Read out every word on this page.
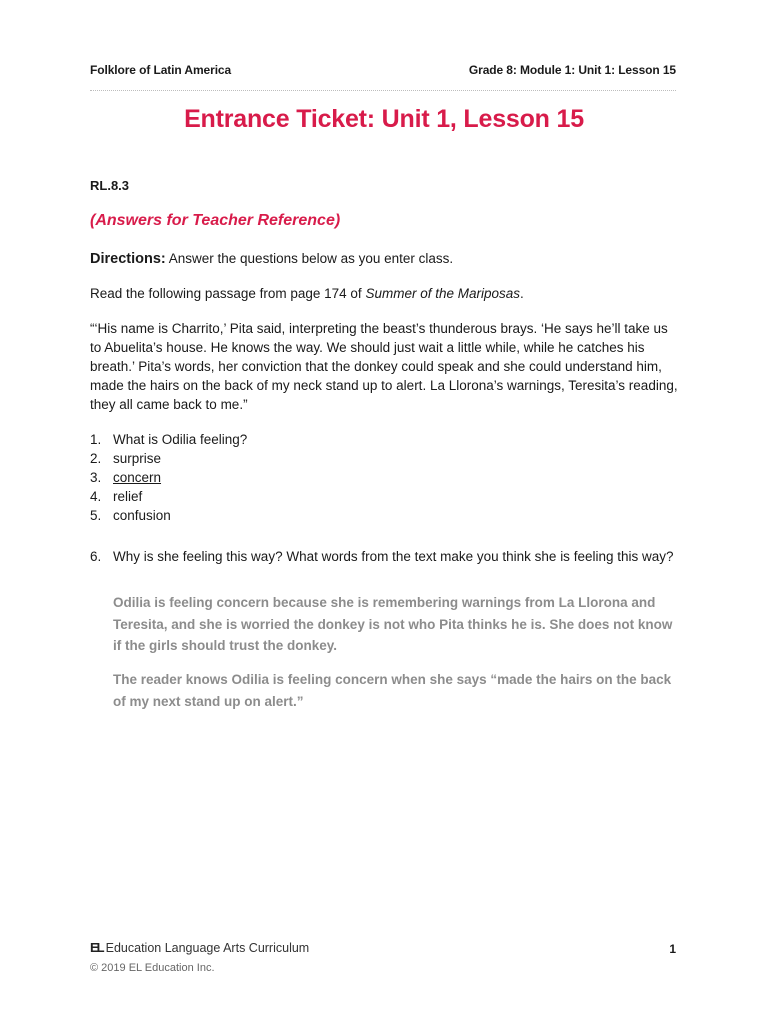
Folklore of Latin America	Grade 8: Module 1: Unit 1: Lesson 15
Entrance Ticket: Unit 1, Lesson 15
RL.8.3
(Answers for Teacher Reference)
Directions: Answer the questions below as you enter class.
Read the following passage from page 174 of Summer of the Mariposas.
“‘His name is Charrito,’ Pita said, interpreting the beast’s thunderous brays. ‘He says he’ll take us to Abuelita’s house. He knows the way. We should just wait a little while, while he catches his breath.’ Pita’s words, her conviction that the donkey could speak and she could understand him, made the hairs on the back of my neck stand up to alert. La Llorona’s warnings, Teresita’s reading, they all came back to me.”
1. What is Odilia feeling?
2. surprise
3. concern
4. relief
5. confusion
6. Why is she feeling this way? What words from the text make you think she is feeling this way?
Odilia is feeling concern because she is remembering warnings from La Llorona and Teresita, and she is worried the donkey is not who Pita thinks he is. She does not know if the girls should trust the donkey.
The reader knows Odilia is feeling concern when she says “made the hairs on the back of my next stand up on alert.”
EL Education Language Arts Curriculum	1
© 2019 EL Education Inc.
